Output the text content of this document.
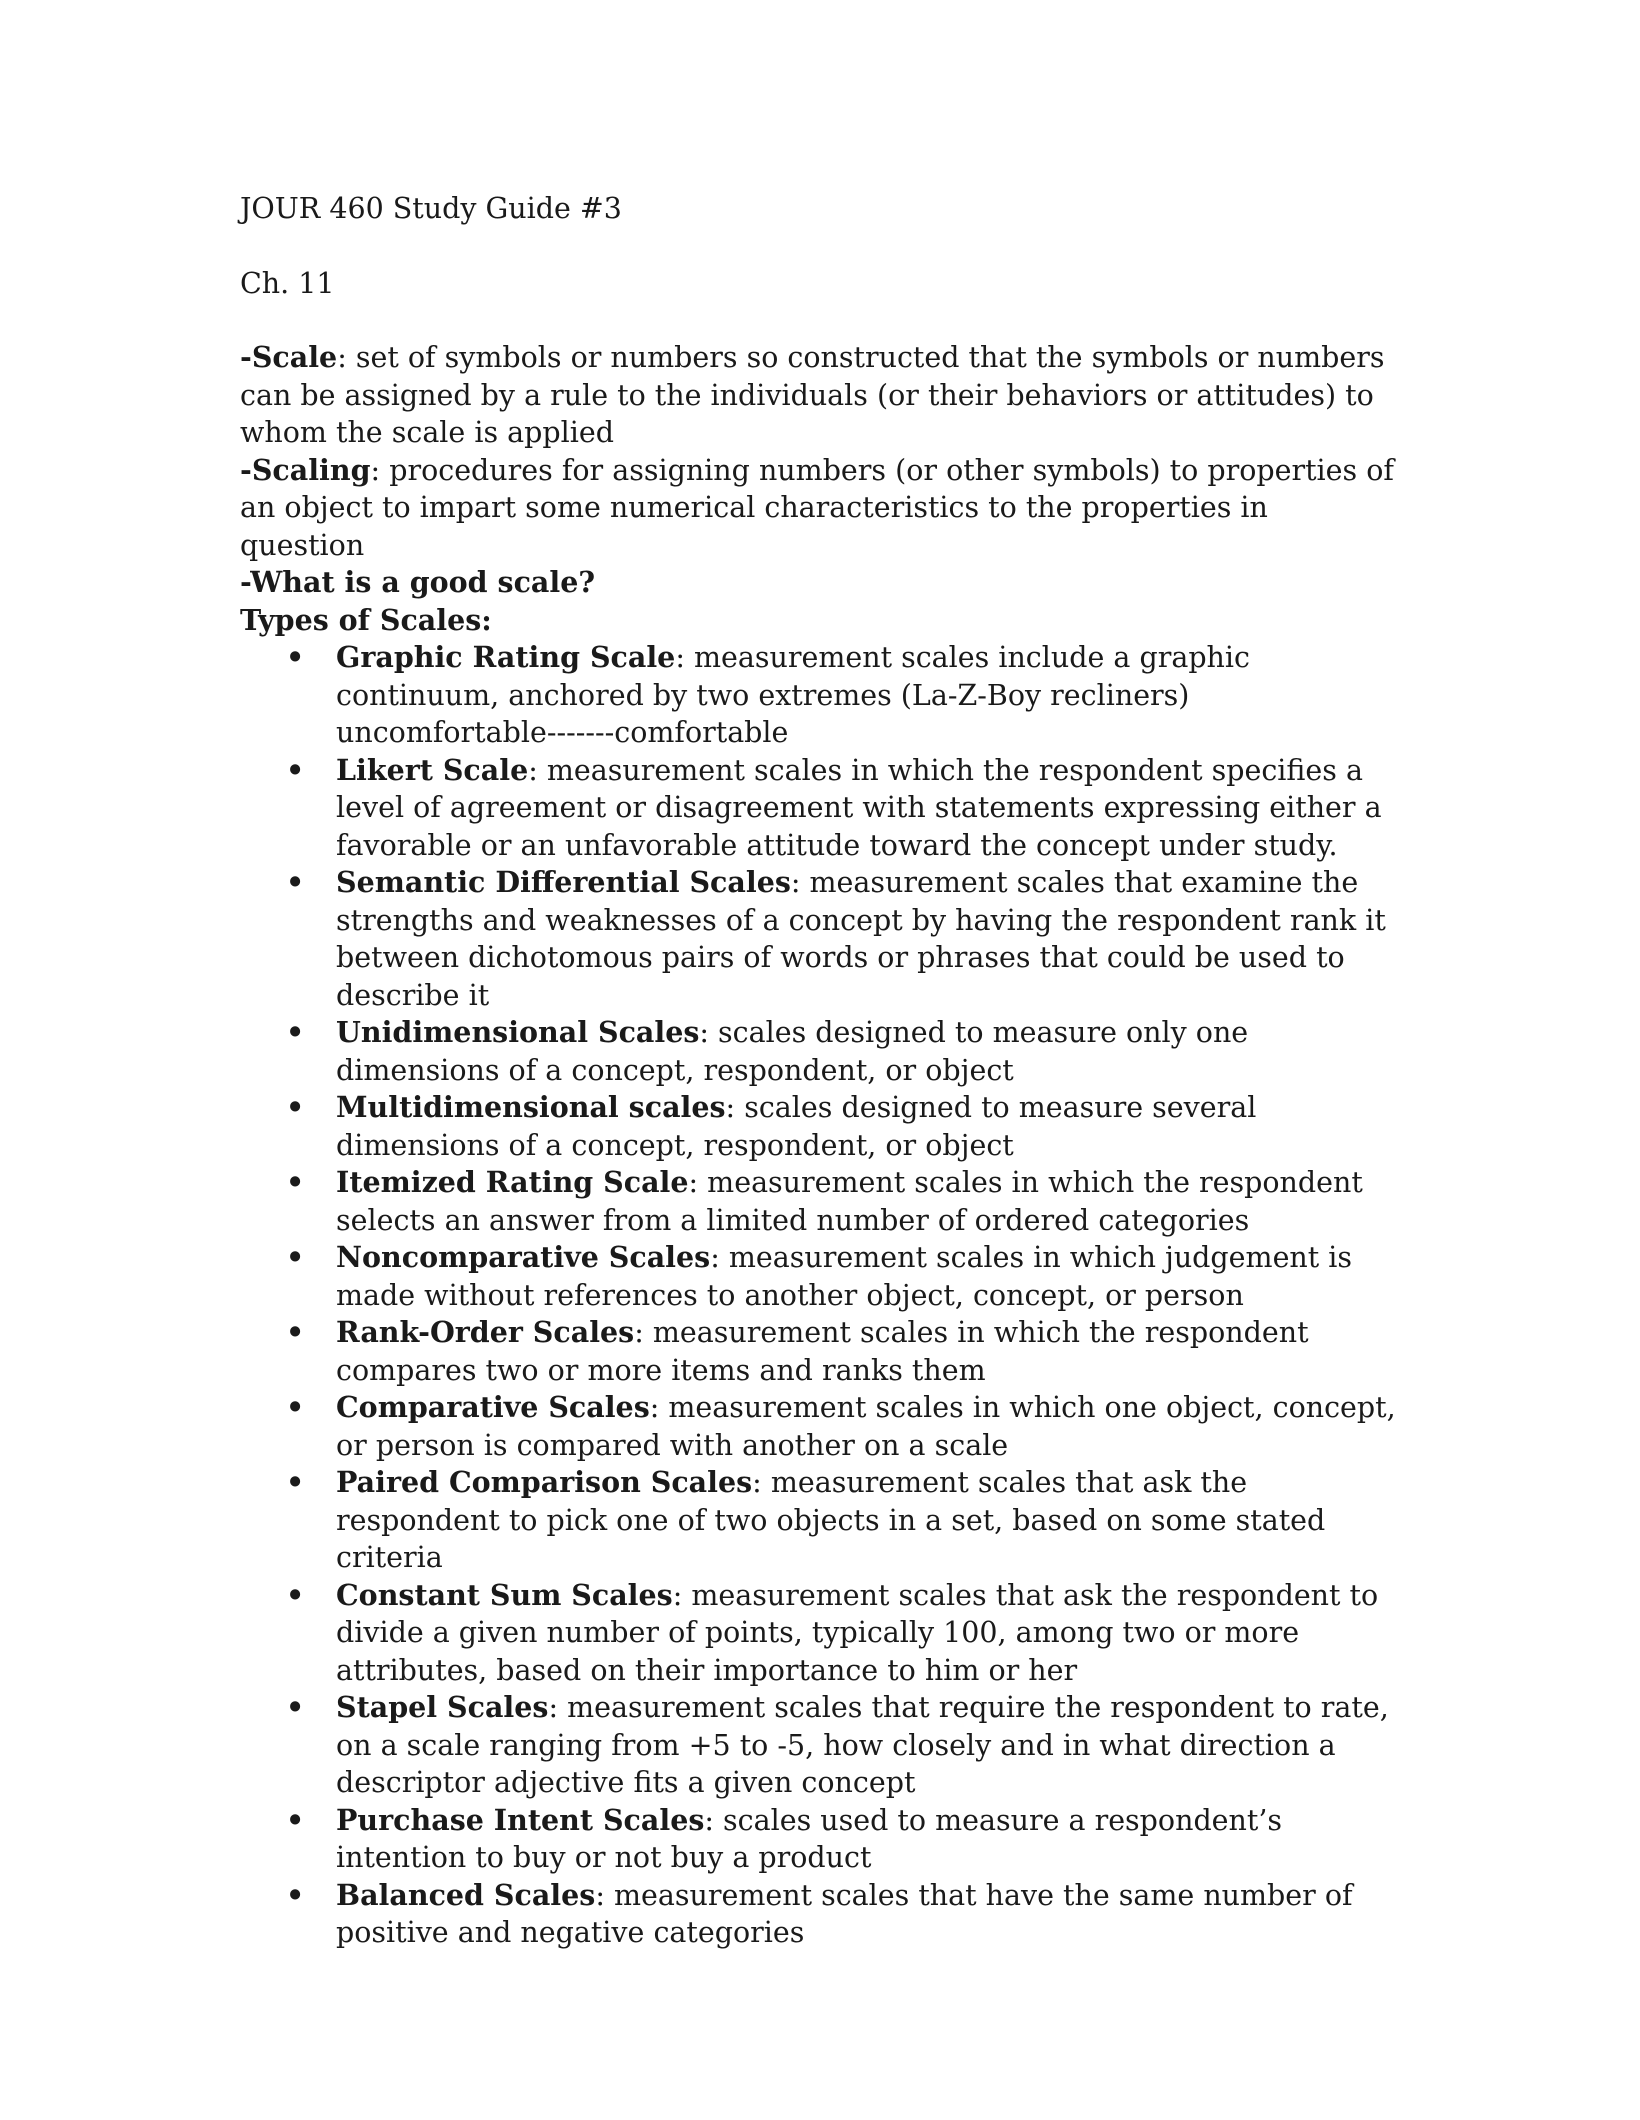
JOUR 460 Study Guide #3
Ch. 11

-Scale: set of symbols or numbers so constructed that the symbols or numbers can be assigned by a rule to the individuals (or their behaviors or attitudes) to whom the scale is applied

-Scaling: procedures for assigning numbers (or other symbols) to properties of an object to impart some numerical characteristics to the properties in question

-What is a good scale?

Types of Scales:

• Graphic Rating Scale: measurement scales include a graphic continuum, anchored by two extremes (La-Z-Boy recliners) uncomfortable-------comfortable
• Likert Scale: measurement scales in which the respondent specifies a level of agreement or disagreement with statements expressing either a favorable or an unfavorable attitude toward the concept under study.
• Semantic Differential Scales: measurement scales that examine the strengths and weaknesses of a concept by having the respondent rank it between dichotomous pairs of words or phrases that could be used to describe it
• Unidimensional Scales: scales designed to measure only one dimensions of a concept, respondent, or object
• Multidimensional scales: scales designed to measure several dimensions of a concept, respondent, or object
• Itemized Rating Scale: measurement scales in which the respondent selects an answer from a limited number of ordered categories
• Noncomparative Scales: measurement scales in which judgement is made without references to another object, concept, or person
• Rank-Order Scales: measurement scales in which the respondent compares two or more items and ranks them
• Comparative Scales: measurement scales in which one object, concept, or person is compared with another on a scale
• Paired Comparison Scales: measurement scales that ask the respondent to pick one of two objects in a set, based on some stated criteria
• Constant Sum Scales: measurement scales that ask the respondent to divide a given number of points, typically 100, among two or more attributes, based on their importance to him or her
• Stapel Scales: measurement scales that require the respondent to rate, on a scale ranging from +5 to -5, how closely and in what direction a descriptor adjective fits a given concept
• Purchase Intent Scales: scales used to measure a respondent’s intention to buy or not buy a product
• Balanced Scales: measurement scales that have the same number of positive and negative categories
